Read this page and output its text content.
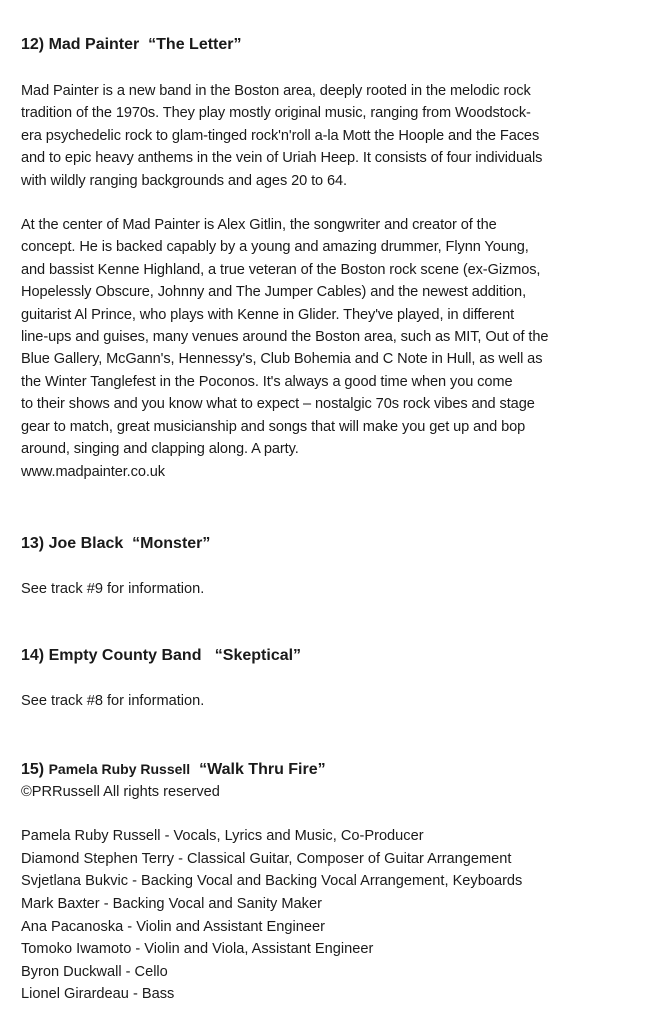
12) Mad Painter  “The Letter”

Mad Painter is a new band in the Boston area, deeply rooted in the melodic rock
tradition of the 1970s. They play mostly original music, ranging from Woodstock-
era psychedelic rock to glam-tinged rock'n'roll a-la Mott the Hoople and the Faces
and to epic heavy anthems in the vein of Uriah Heep. It consists of four individuals
with wildly ranging backgrounds and ages 20 to 64.

At the center of Mad Painter is Alex Gitlin, the songwriter and creator of the
concept. He is backed capably by a young and amazing drummer, Flynn Young,
and bassist Kenne Highland, a true veteran of the Boston rock scene (ex-Gizmos,
Hopelessly Obscure, Johnny and The Jumper Cables) and the newest addition,
guitarist Al Prince, who plays with Kenne in Glider. They've played, in different
line-ups and guises, many venues around the Boston area, such as MIT, Out of the
Blue Gallery, McGann's, Hennessy's, Club Bohemia and C Note in Hull, as well as
the Winter Tanglefest in the Poconos. It's always a good time when you come
to their shows and you know what to expect – nostalgic 70s rock vibes and stage
gear to match, great musicianship and songs that will make you get up and bop
around, singing and clapping along. A party.
www.madpainter.co.uk

13) Joe Black  “Monster”

See track #9 for information.

14) Empty County Band   “Skeptical”

See track #8 for information.

15) Pamela Ruby Russell  “Walk Thru Fire”

©PRRussell All rights reserved

Pamela Ruby Russell - Vocals, Lyrics and Music, Co-Producer
Diamond Stephen Terry - Classical Guitar, Composer of Guitar Arrangement
Svjetlana Bukvic - Backing Vocal and Backing Vocal Arrangement, Keyboards
Mark Baxter - Backing Vocal and Sanity Maker
Ana Pacanoska - Violin and Assistant Engineer
Tomoko Iwamoto - Violin and Viola, Assistant Engineer
Byron Duckwall - Cello
Lionel Girardeau - Bass
